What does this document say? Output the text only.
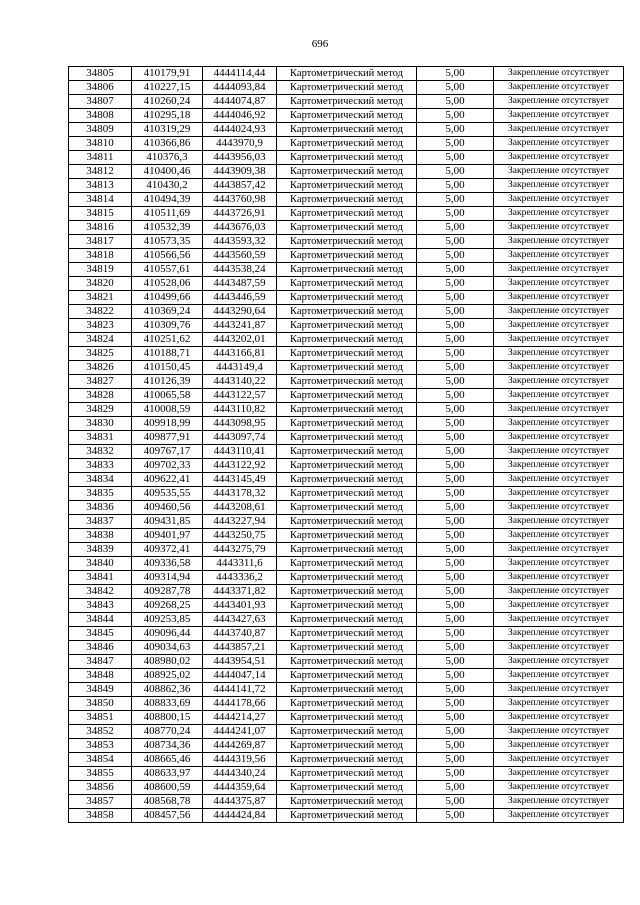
696
34805	410179,91	4444114,44	Картометрический метод	5,00	Закрепление отсутствует
34806	410227,15	4444093,84	Картометрический метод	5,00	Закрепление отсутствует
34807	410260,24	4444074,87	Картометрический метод	5,00	Закрепление отсутствует
34808	410295,18	4444046,92	Картометрический метод	5,00	Закрепление отсутствует
34809	410319,29	4444024,93	Картометрический метод	5,00	Закрепление отсутствует
34810	410366,86	4443970,9	Картометрический метод	5,00	Закрепление отсутствует
34811	410376,3	4443956,03	Картометрический метод	5,00	Закрепление отсутствует
34812	410400,46	4443909,38	Картометрический метод	5,00	Закрепление отсутствует
34813	410430,2	4443857,42	Картометрический метод	5,00	Закрепление отсутствует
34814	410494,39	4443760,98	Картометрический метод	5,00	Закрепление отсутствует
34815	410511,69	4443726,91	Картометрический метод	5,00	Закрепление отсутствует
34816	410532,39	4443676,03	Картометрический метод	5,00	Закрепление отсутствует
34817	410573,35	4443593,32	Картометрический метод	5,00	Закрепление отсутствует
34818	410566,56	4443560,59	Картометрический метод	5,00	Закрепление отсутствует
34819	410557,61	4443538,24	Картометрический метод	5,00	Закрепление отсутствует
34820	410528,06	4443487,59	Картометрический метод	5,00	Закрепление отсутствует
34821	410499,66	4443446,59	Картометрический метод	5,00	Закрепление отсутствует
34822	410369,24	4443290,64	Картометрический метод	5,00	Закрепление отсутствует
34823	410309,76	4443241,87	Картометрический метод	5,00	Закрепление отсутствует
34824	410251,62	4443202,01	Картометрический метод	5,00	Закрепление отсутствует
34825	410188,71	4443166,81	Картометрический метод	5,00	Закрепление отсутствует
34826	410150,45	4443149,4	Картометрический метод	5,00	Закрепление отсутствует
34827	410126,39	4443140,22	Картометрический метод	5,00	Закрепление отсутствует
34828	410065,58	4443122,57	Картометрический метод	5,00	Закрепление отсутствует
34829	410008,59	4443110,82	Картометрический метод	5,00	Закрепление отсутствует
34830	409918,99	4443098,95	Картометрический метод	5,00	Закрепление отсутствует
34831	409877,91	4443097,74	Картометрический метод	5,00	Закрепление отсутствует
34832	409767,17	4443110,41	Картометрический метод	5,00	Закрепление отсутствует
34833	409702,33	4443122,92	Картометрический метод	5,00	Закрепление отсутствует
34834	409622,41	4443145,49	Картометрический метод	5,00	Закрепление отсутствует
34835	409535,55	4443178,32	Картометрический метод	5,00	Закрепление отсутствует
34836	409460,56	4443208,61	Картометрический метод	5,00	Закрепление отсутствует
34837	409431,85	4443227,94	Картометрический метод	5,00	Закрепление отсутствует
34838	409401,97	4443250,75	Картометрический метод	5,00	Закрепление отсутствует
34839	409372,41	4443275,79	Картометрический метод	5,00	Закрепление отсутствует
34840	409336,58	4443311,6	Картометрический метод	5,00	Закрепление отсутствует
34841	409314,94	4443336,2	Картометрический метод	5,00	Закрепление отсутствует
34842	409287,78	4443371,82	Картометрический метод	5,00	Закрепление отсутствует
34843	409268,25	4443401,93	Картометрический метод	5,00	Закрепление отсутствует
34844	409253,85	4443427,63	Картометрический метод	5,00	Закрепление отсутствует
34845	409096,44	4443740,87	Картометрический метод	5,00	Закрепление отсутствует
34846	409034,63	4443857,21	Картометрический метод	5,00	Закрепление отсутствует
34847	408980,02	4443954,51	Картометрический метод	5,00	Закрепление отсутствует
34848	408925,02	4444047,14	Картометрический метод	5,00	Закрепление отсутствует
34849	408862,36	4444141,72	Картометрический метод	5,00	Закрепление отсутствует
34850	408833,69	4444178,66	Картометрический метод	5,00	Закрепление отсутствует
34851	408800,15	4444214,27	Картометрический метод	5,00	Закрепление отсутствует
34852	408770,24	4444241,07	Картометрический метод	5,00	Закрепление отсутствует
34853	408734,36	4444269,87	Картометрический метод	5,00	Закрепление отсутствует
34854	408665,46	4444319,56	Картометрический метод	5,00	Закрепление отсутствует
34855	408633,97	4444340,24	Картометрический метод	5,00	Закрепление отсутствует
34856	408600,59	4444359,64	Картометрический метод	5,00	Закрепление отсутствует
34857	408568,78	4444375,87	Картометрический метод	5,00	Закрепление отсутствует
34858	408457,56	4444424,84	Картометрический метод	5,00	Закрепление отсутствует
